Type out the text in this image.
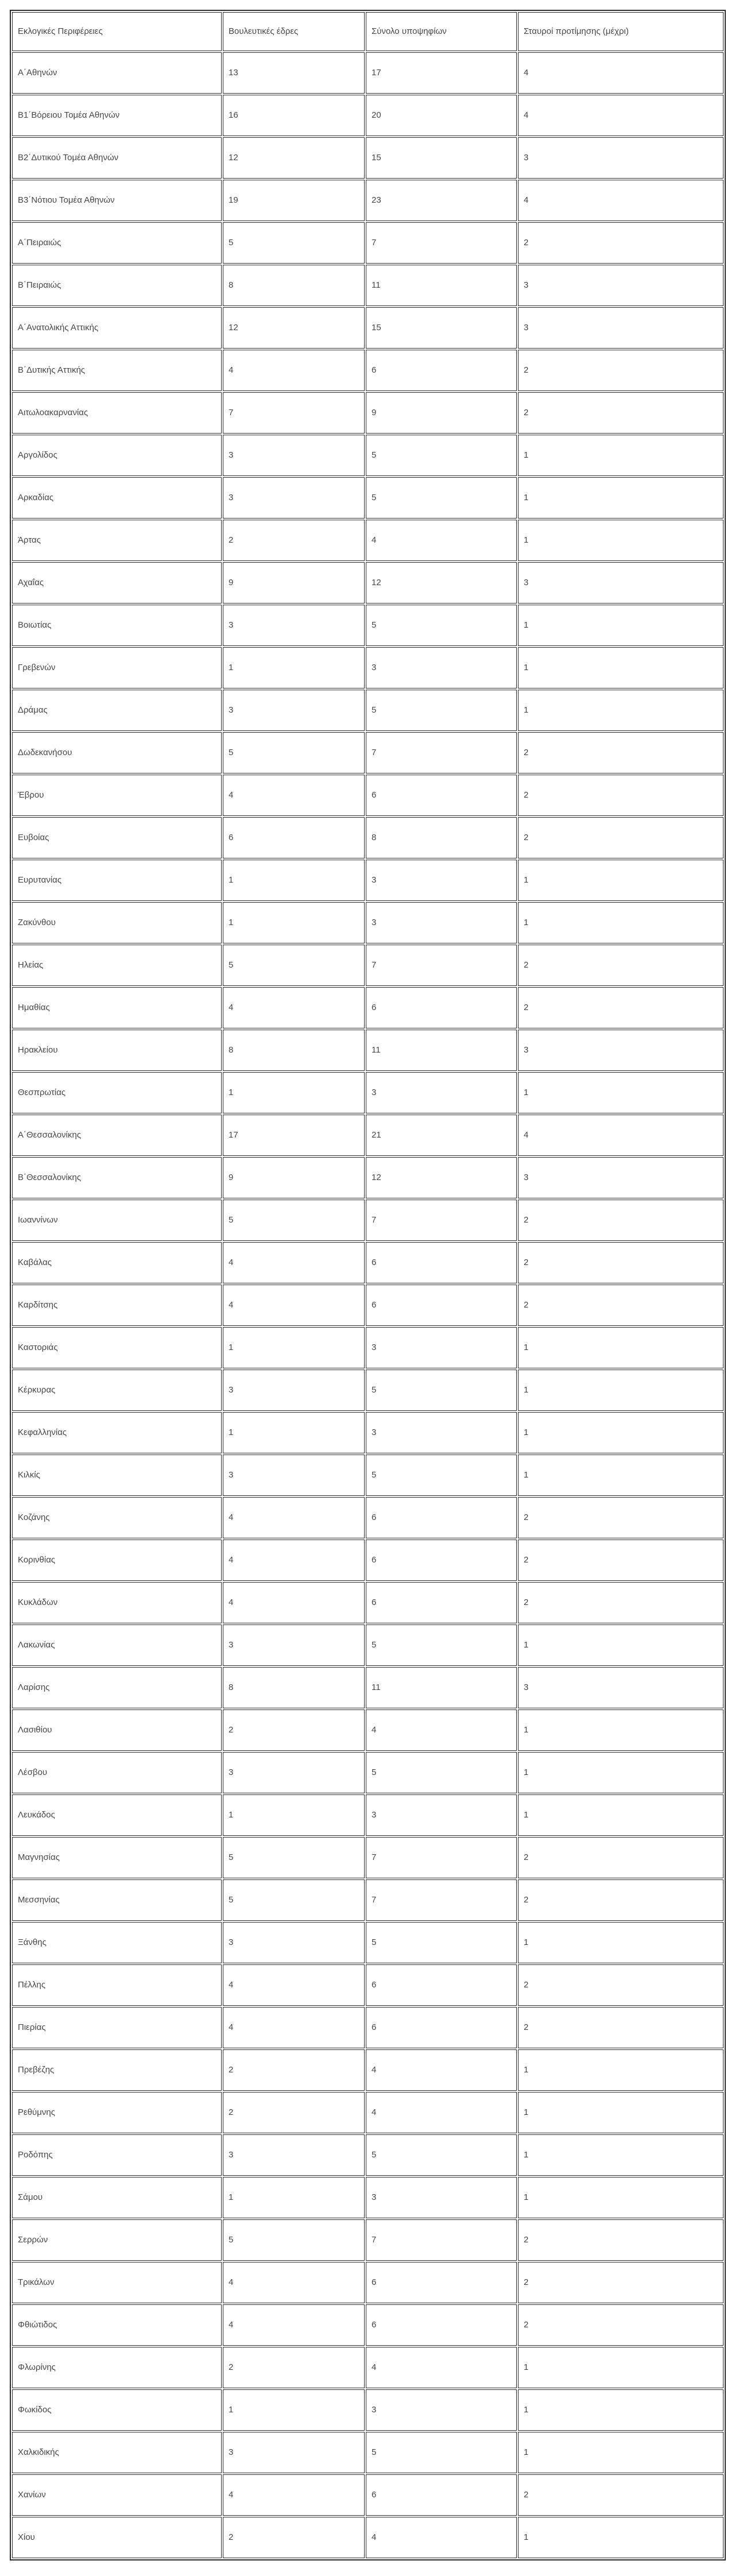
Εκλογικές Περιφέρειες	Βουλευτικές έδρες	Σύνολο υποψηφίων	Σταυροί προτίμησης (μέχρι)
Α΄Αθηνών	13	17	4
Β1΄Βόρειου Τομέα Αθηνών	16	20	4
Β2΄Δυτικού Τομέα Αθηνών	12	15	3
Β3΄Νότιου Τομέα Αθηνών	19	23	4
Α΄Πειραιώς	5	7	2
Β΄Πειραιώς	8	11	3
Α΄Ανατολικής Αττικής	12	15	3
Β΄Δυτικής Αττικής	4	6	2
Αιτωλοακαρνανίας	7	9	2
Αργολίδος	3	5	1
Αρκαδίας	3	5	1
Άρτας	2	4	1
Αχαΐας	9	12	3
Βοιωτίας	3	5	1
Γρεβενών	1	3	1
Δράμας	3	5	1
Δωδεκανήσου	5	7	2
Έβρου	4	6	2
Ευβοίας	6	8	2
Ευρυτανίας	1	3	1
Ζακύνθου	1	3	1
Ηλείας	5	7	2
Ημαθίας	4	6	2
Ηρακλείου	8	11	3
Θεσπρωτίας	1	3	1
Α΄Θεσσαλονίκης	17	21	4
Β΄Θεσσαλονίκης	9	12	3
Ιωαννίνων	5	7	2
Καβάλας	4	6	2
Καρδίτσης	4	6	2
Καστοριάς	1	3	1
Κέρκυρας	3	5	1
Κεφαλληνίας	1	3	1
Κιλκίς	3	5	1
Κοζάνης	4	6	2
Κορινθίας	4	6	2
Κυκλάδων	4	6	2
Λακωνίας	3	5	1
Λαρίσης	8	11	3
Λασιθίου	2	4	1
Λέσβου	3	5	1
Λευκάδος	1	3	1
Μαγνησίας	5	7	2
Μεσσηνίας	5	7	2
Ξάνθης	3	5	1
Πέλλης	4	6	2
Πιερίας	4	6	2
Πρεβέζης	2	4	1
Ρεθύμνης	2	4	1
Ροδόπης	3	5	1
Σάμου	1	3	1
Σερρών	5	7	2
Τρικάλων	4	6	2
Φθιώτιδος	4	6	2
Φλωρίνης	2	4	1
Φωκίδος	1	3	1
Χαλκιδικής	3	5	1
Χανίων	4	6	2
Χίου	2	4	1
